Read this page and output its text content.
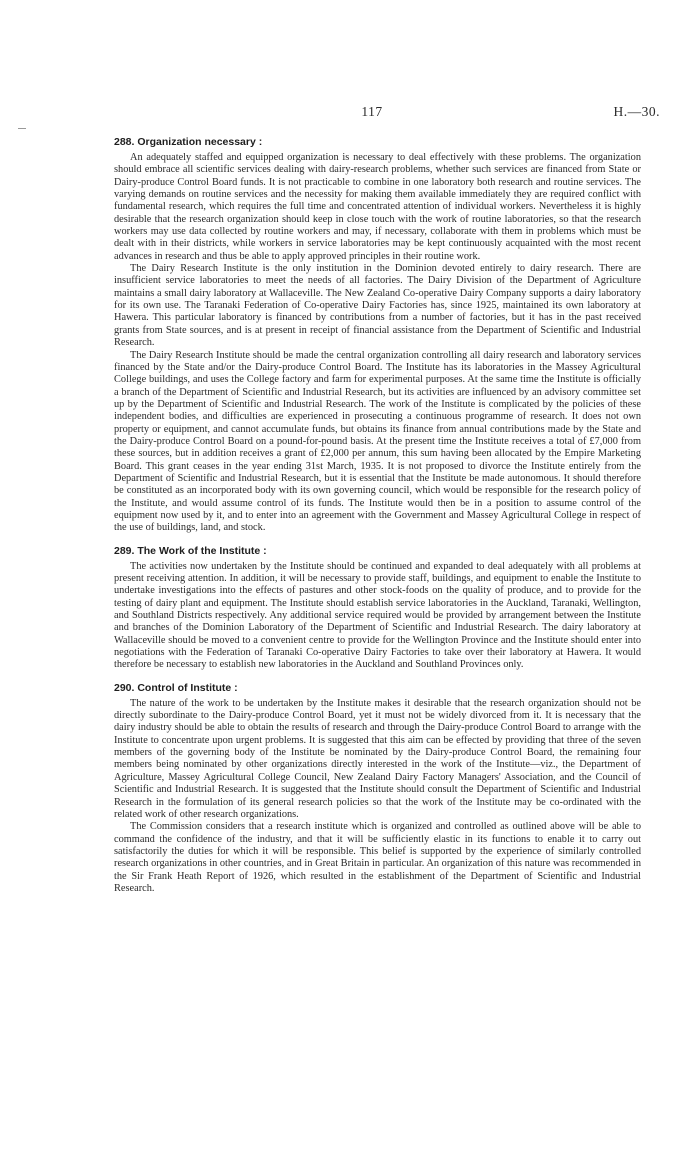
117	H.—30.
288. Organization necessary :

An adequately staffed and equipped organization is necessary to deal effectively with these problems. The organization should embrace all scientific services dealing with dairy-research problems, whether such services are financed from State or Dairy-produce Control Board funds. It is not practicable to combine in one laboratory both research and routine services. The varying demands on routine services and the necessity for making them available immediately they are required conflict with fundamental research, which requires the full time and concentrated attention of individual workers. Nevertheless it is highly desirable that the research organization should keep in close touch with the work of routine laboratories, so that the research workers may use data collected by routine workers and may, if necessary, collaborate with them in problems which must be dealt with in their districts, while workers in service laboratories may be kept continuously acquainted with the most recent advances in research and thus be able to apply approved principles in their routine work.

The Dairy Research Institute is the only institution in the Dominion devoted entirely to dairy research. There are insufficient service laboratories to meet the needs of all factories. The Dairy Division of the Department of Agriculture maintains a small dairy laboratory at Wallaceville. The New Zealand Co-operative Dairy Company supports a dairy laboratory for its own use. The Taranaki Federation of Co-operative Dairy Factories has, since 1925, maintained its own laboratory at Hawera. This particular laboratory is financed by contributions from a number of factories, but it has in the past received grants from State sources, and is at present in receipt of financial assistance from the Department of Scientific and Industrial Research.

The Dairy Research Institute should be made the central organization controlling all dairy research and laboratory services financed by the State and/or the Dairy-produce Control Board. The Institute has its laboratories in the Massey Agricultural College buildings, and uses the College factory and farm for experimental purposes. At the same time the Institute is officially a branch of the Department of Scientific and Industrial Research, but its activities are influenced by an advisory committee set up by the Department of Scientific and Industrial Research. The work of the Institute is complicated by the policies of these independent bodies, and difficulties are experienced in prosecuting a continuous programme of research. It does not own property or equipment, and cannot accumulate funds, but obtains its finance from annual contributions made by the State and the Dairy-produce Control Board on a pound-for-pound basis. At the present time the Institute receives a total of £7,000 from these sources, but in addition receives a grant of £2,000 per annum, this sum having been allocated by the Empire Marketing Board. This grant ceases in the year ending 31st March, 1935. It is not proposed to divorce the Institute entirely from the Department of Scientific and Industrial Research, but it is essential that the Institute be made autonomous. It should therefore be constituted as an incorporated body with its own governing council, which would be responsible for the research policy of the Institute, and would assume control of its funds. The Institute would then be in a position to assume control of the equipment now used by it, and to enter into an agreement with the Government and Massey Agricultural College in respect of the use of buildings, land, and stock.

289. The Work of the Institute :

The activities now undertaken by the Institute should be continued and expanded to deal adequately with all problems at present receiving attention. In addition, it will be necessary to provide staff, buildings, and equipment to enable the Institute to undertake investigations into the effects of pastures and other stock-foods on the quality of produce, and to provide for the testing of dairy plant and equipment. The Institute should establish service laboratories in the Auckland, Taranaki, Wellington, and Southland Districts respectively. Any additional service required would be provided by arrangement between the Institute and branches of the Dominion Laboratory of the Department of Scientific and Industrial Research. The dairy laboratory at Wallaceville should be moved to a convenient centre to provide for the Wellington Province and the Institute should enter into negotiations with the Federation of Taranaki Co-operative Dairy Factories to take over their laboratory at Hawera. It would therefore be necessary to establish new laboratories in the Auckland and Southland Provinces only.

290. Control of Institute :

The nature of the work to be undertaken by the Institute makes it desirable that the research organization should not be directly subordinate to the Dairy-produce Control Board, yet it must not be widely divorced from it. It is necessary that the dairy industry should be able to obtain the results of research and through the Dairy-produce Control Board to arrange with the Institute to concentrate upon urgent problems. It is suggested that this aim can be effected by providing that three of the seven members of the governing body of the Institute be nominated by the Dairy-produce Control Board, the remaining four members being nominated by other organizations directly interested in the work of the Institute—viz., the Department of Agriculture, Massey Agricultural College Council, New Zealand Dairy Factory Managers' Association, and the Council of Scientific and Industrial Research. It is suggested that the Institute should consult the Department of Scientific and Industrial Research in the formulation of its general research policies so that the work of the Institute may be co-ordinated with the related work of other research organizations.

The Commission considers that a research institute which is organized and controlled as outlined above will be able to command the confidence of the industry, and that it will be sufficiently elastic in its functions to enable it to carry out satisfactorily the duties for which it will be responsible. This belief is supported by the experience of similarly controlled research organizations in other countries, and in Great Britain in particular. An organization of this nature was recommended in the Sir Frank Heath Report of 1926, which resulted in the establishment of the Department of Scientific and Industrial Research.
